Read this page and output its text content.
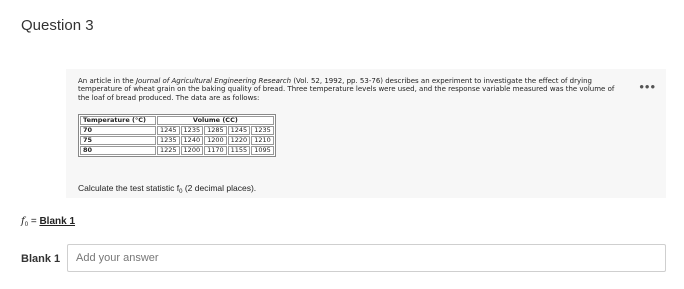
Question 3
•••
An article in the Journal of Agricultural Engineering Research (Vol. 52, 1992, pp. 53-76) describes an experiment to investigate the effect of drying temperature of wheat grain on the baking quality of bread. Three temperature levels were used, and the response variable measured was the volume of the loaf of bread produced. The data are as follows:
Temperature (°C)	Volume (CC)				
70	1245	1235	1285	1245	1235
75	1235	1240	1200	1220	1210
80	1225	1200	1170	1155	1095
Calculate the test statistic $f_0$ (2 decimal places).
$f_0$ = Blank 1
Blank 1
Add your answer
